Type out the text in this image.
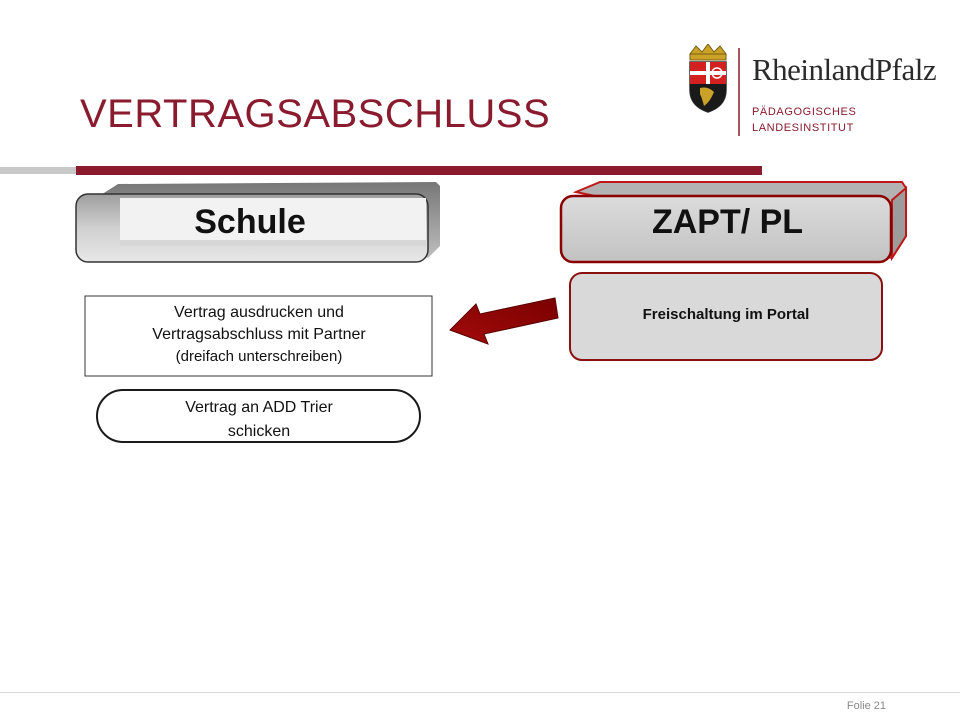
VERTRAGSABSCHLUSS
RheinlandPfalz
PÄDAGOGISCHES
LANDESINSTITUT
Schule	ZAPT/ PL
Freischaltung im Portal
Vertrag ausdrucken und
Vertragsabschluss mit Partner
(dreifach unterschreiben)
Vertrag an ADD Trier
schicken
Folie 21
